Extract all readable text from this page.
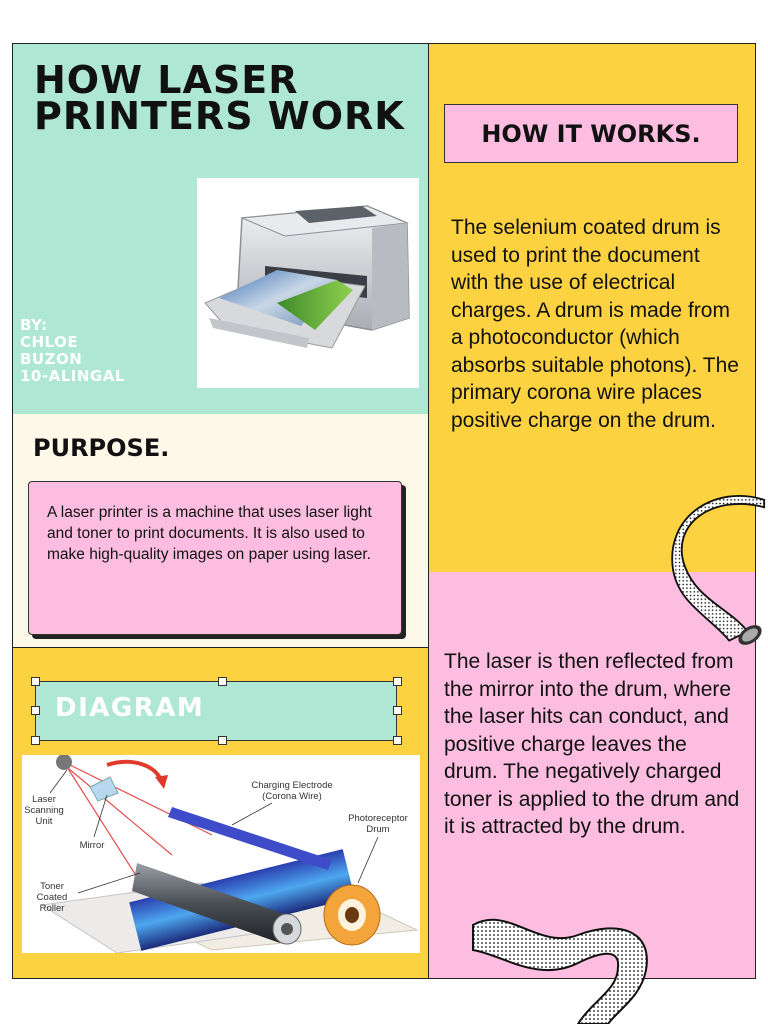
HOW LASER PRINTERS WORK
BY:
CHLOE
BUZON
10-ALINGAL
PURPOSE.

A laser printer is a machine that uses laser light and toner to print documents. It is also used to make high-quality images on paper using laser.

DIAGRAM
Laser
Scanning
Unit
Mirror
Toner
Coated
Roller
Charging Electrode
(Corona Wire)
Photoreceptor
Drum
HOW IT WORKS.

The selenium coated drum is used to print the document with the use of electrical charges. A drum is made from a photoconductor (which absorbs suitable photons). The primary corona wire places positive charge on the drum.

The laser is then reflected from the mirror into the drum, where the laser hits can conduct, and positive charge leaves the drum. The negatively charged toner is applied to the drum and it is attracted by the drum.
